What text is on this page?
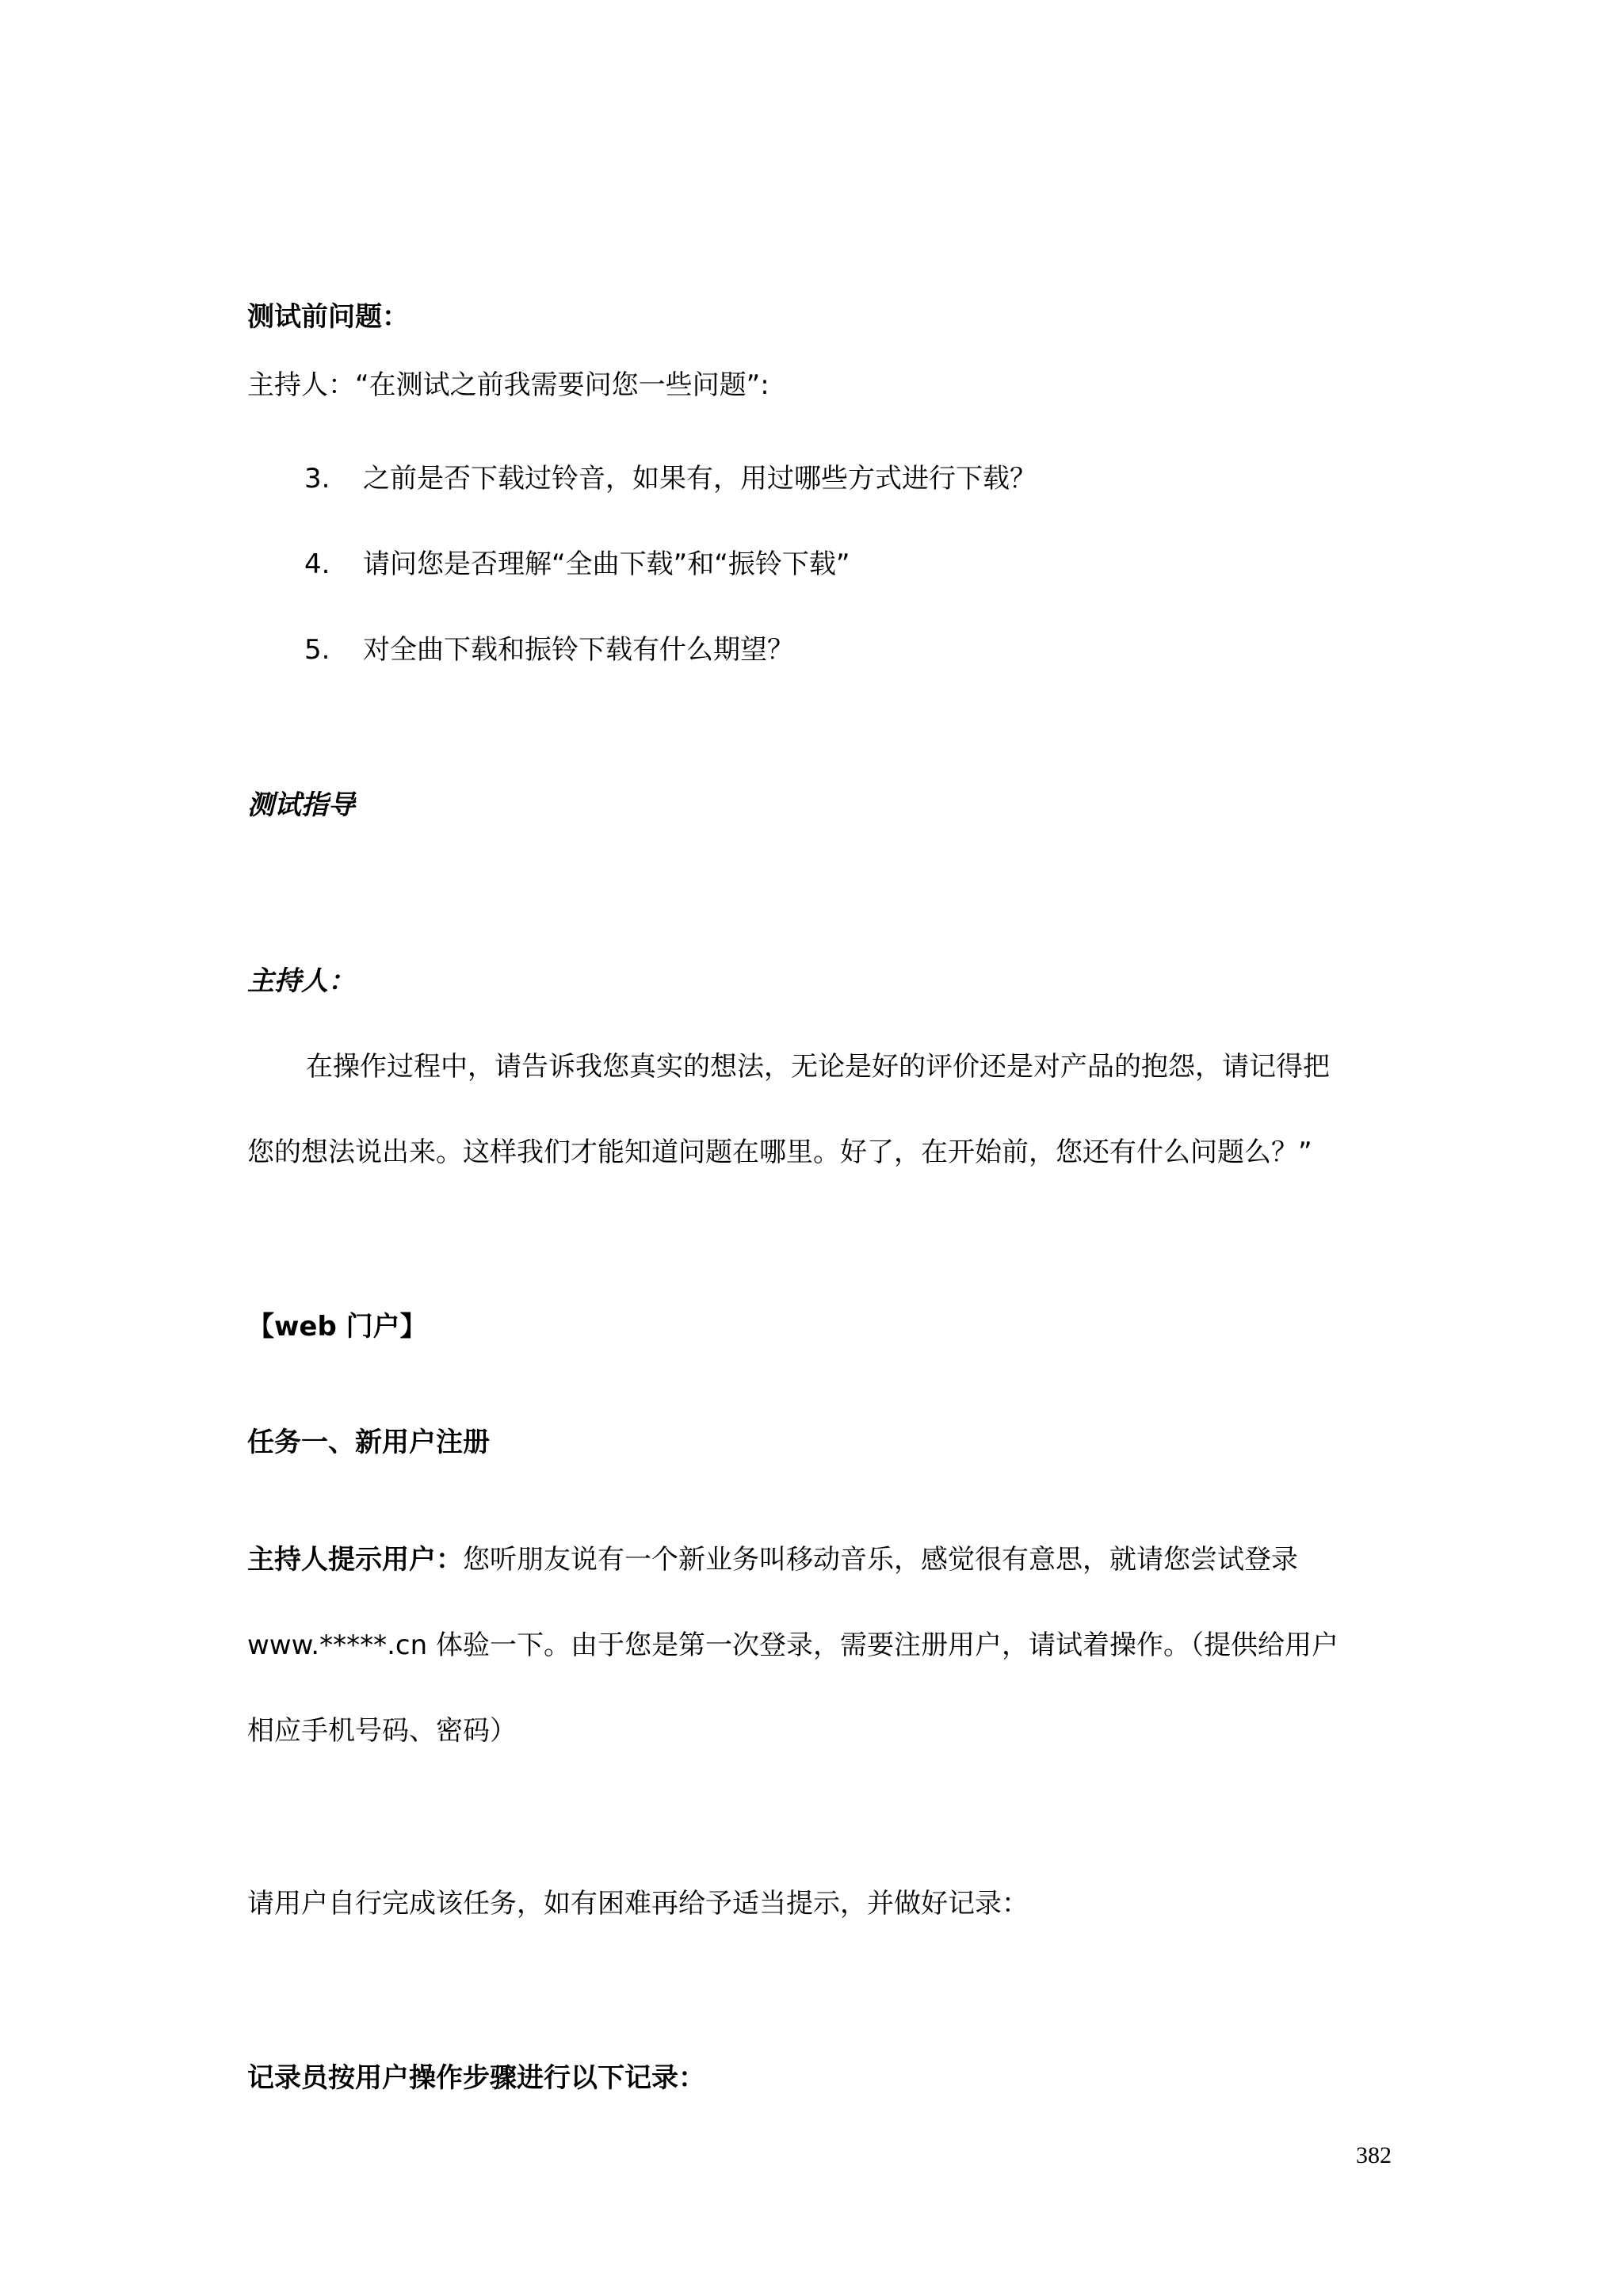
测试前问题：
主持人：“在测试之前我需要问您一些问题”:
3. 之前是否下载过铃音，如果有，用过哪些方式进行下载？
4. 请问您是否理解“全曲下载”和“振铃下载”
5. 对全曲下载和振铃下载有什么期望？
测试指导
主持人：
在操作过程中，请告诉我您真实的想法，无论是好的评价还是对产品的抱怨，请记得把
您的想法说出来。这样我们才能知道问题在哪里。好了，在开始前，您还有什么问题么？”
【web 门户】
任务一、新用户注册
主持人提示用户：您听朋友说有一个新业务叫移动音乐，感觉很有意思，就请您尝试登录
www.*****.cn 体验一下。由于您是第一次登录，需要注册用户，请试着操作。（提供给用户
相应手机号码、密码）
请用户自行完成该任务，如有困难再给予适当提示，并做好记录：
记录员按用户操作步骤进行以下记录：
382
